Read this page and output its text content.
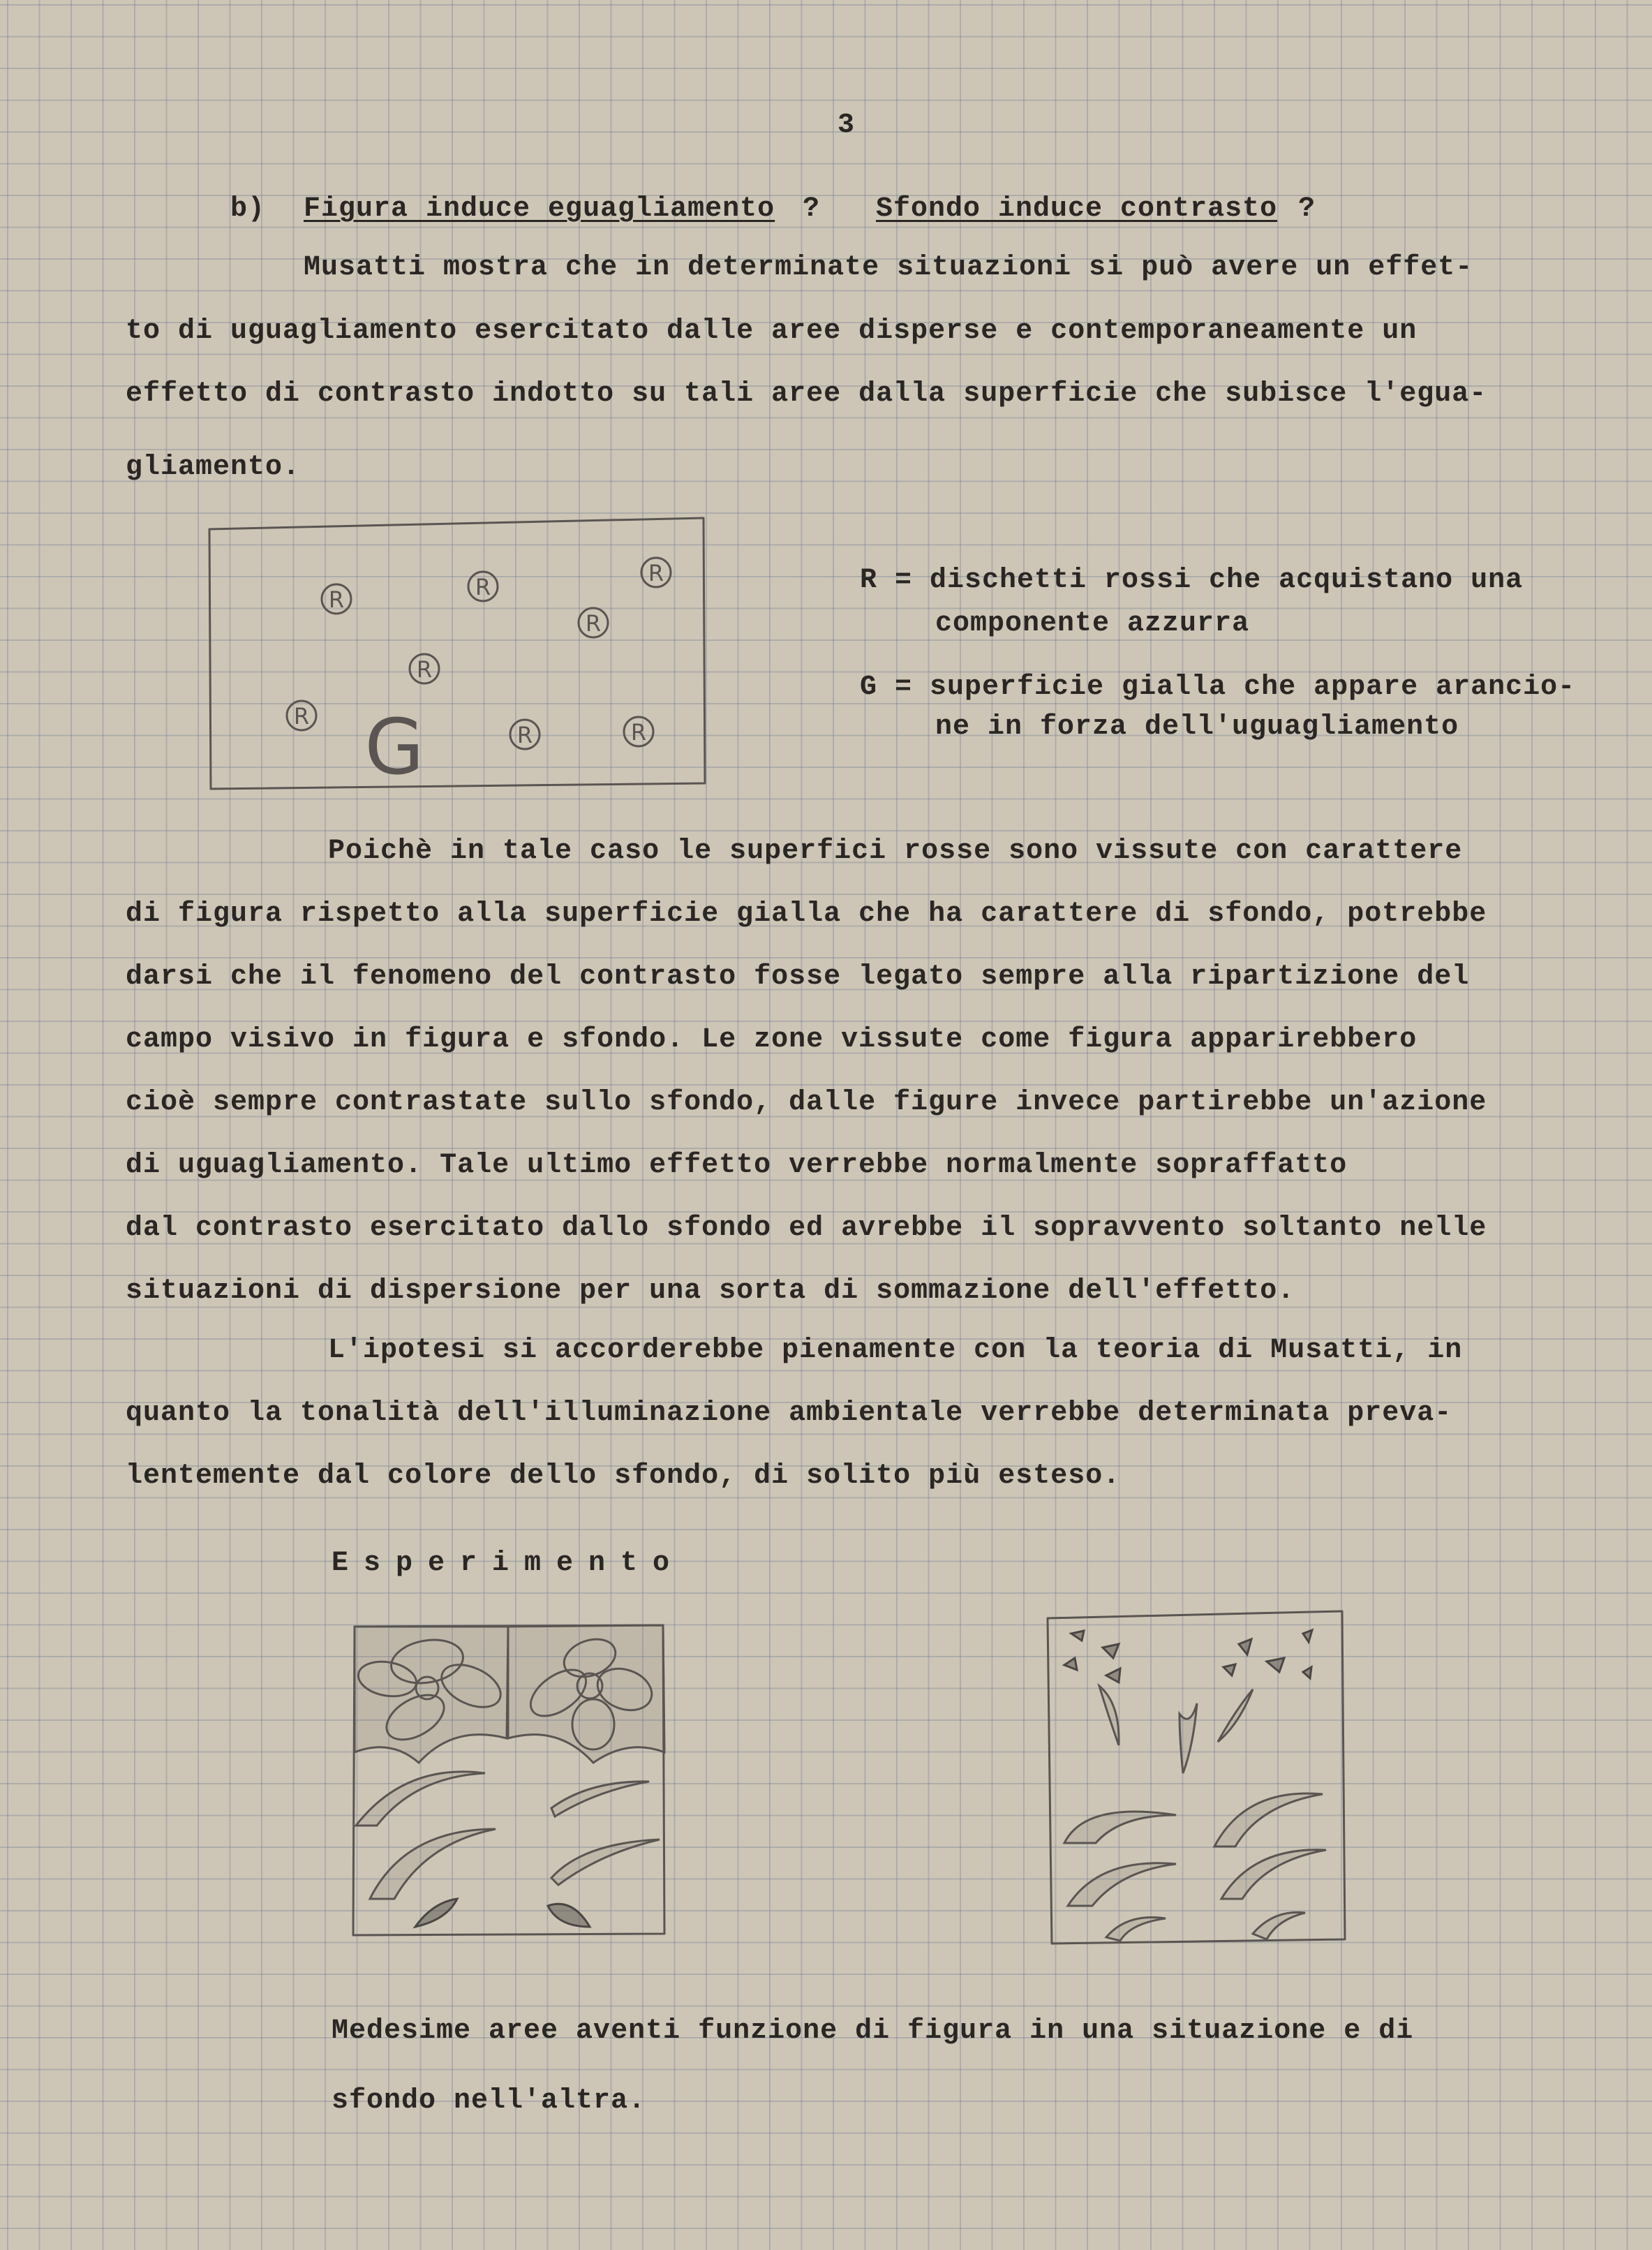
3
b) Figura induce eguagliamento ? Sfondo induce contrasto ?
Musatti mostra che in determinate situazioni si può avere un effet-
to di uguagliamento esercitato dalle aree disperse e contemporaneamente un
effetto di contrasto indotto su tali aree dalla superficie che subisce l'egua-
gliamento.
R	R
R
R
R
R
R	R
G
R = dischetti rossi che acquistano una
componente azzurra
G = superficie gialla che appare arancio-
ne in forza dell'uguagliamento
Poichè in tale caso le superfici rosse sono vissute con carattere
di figura rispetto alla superficie gialla che ha carattere di sfondo, potrebbe
darsi che il fenomeno del contrasto fosse legato sempre alla ripartizione del
campo visivo in figura e sfondo. Le zone vissute come figura apparirebbero
cioè sempre contrastate sullo sfondo, dalle figure invece partirebbe un'azione
di uguagliamento. Tale ultimo effetto verrebbe normalmente sopraffatto
dal contrasto esercitato dallo sfondo ed avrebbe il sopravvento soltanto nelle
situazioni di dispersione per una sorta di sommazione dell'effetto.
L'ipotesi si accorderebbe pienamente con la teoria di Musatti, in
quanto la tonalità dell'illuminazione ambientale verrebbe determinata preva-
lentemente dal colore dello sfondo, di solito più esteso.
Esperimento
Medesime aree aventi funzione di figura in una situazione e di
sfondo nell'altra.
